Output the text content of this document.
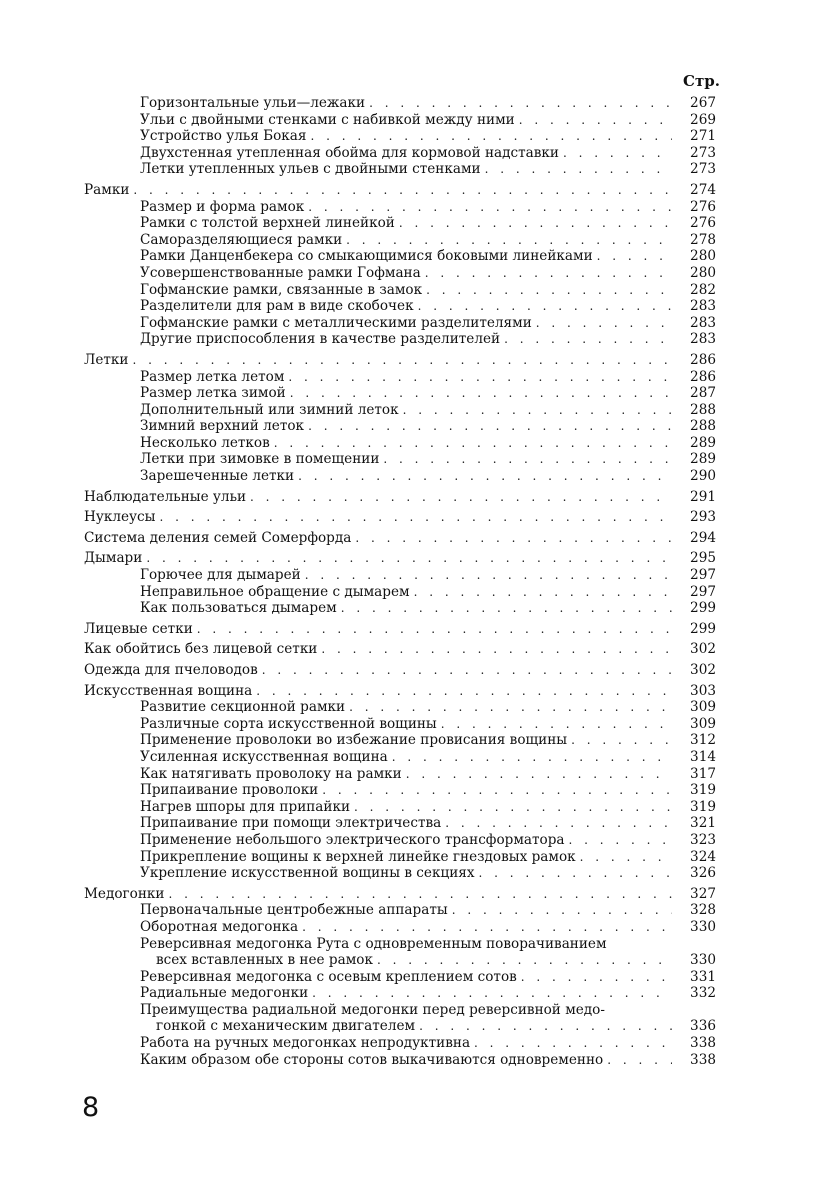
Стр.
Горизонтальные ульи—лежаки . . .	267
Ульи с двойными стенками с набивкой между ними . . .	269
Устройство улья Бокая . . .	271
Двухстенная утепленная обойма для кормовой надставки . . .	273
Летки утепленных ульев с двойными стенками . . .	273
Рамки . . .	274
Размер и форма рамок . . .	276
Рамки с толстой верхней линейкой . . .	276
Саморазделяющиеся рамки . . .	278
Рамки Данценбекера со смыкающимися боковыми линейками . . .	280
Усовершенствованные рамки Гофмана . . .	280
Гофманские рамки, связанные в замок . . .	282
Разделители для рам в виде скобочек . . .	283
Гофманские рамки с металлическими разделителями . . .	283
Другие приспособления в качестве разделителей . . .	283
Летки . . .	286
Размер летка летом . . .	286
Размер летка зимой . . .	287
Дополнительный или зимний леток . . .	288
Зимний верхний леток . . .	288
Несколько летков . . .	289
Летки при зимовке в помещении . . .	289
Зарешеченные летки . . .	290
Наблюдательные ульи . . .	291
Нуклеусы . . .	293
Система деления семей Сомерфорда . . .	294
Дымари . . .	295
Горючее для дымарей . . .	297
Неправильное обращение с дымарем . . .	297
Как пользоваться дымарем . . .	299
Лицевые сетки . . .	299
Как обойтись без лицевой сетки . . .	302
Одежда для пчеловодов . . .	302
Искусственная вощина . . .	303
Развитие секционной рамки . . .	309
Различные сорта искусственной вощины . . .	309
Применение проволоки во избежание провисания вощины . . .	312
Усиленная искусственная вощина . . .	314
Как натягивать проволоку на рамки . . .	317
Припаивание проволоки . . .	319
Нагрев шпоры для припайки . . .	319
Припаивание при помощи электричества . . .	321
Применение небольшого электрического трансформатора . . .	323
Прикрепление вощины к верхней линейке гнездовых рамок . . .	324
Укрепление искусственной вощины в секциях . . .	326
Медогонки . . .	327
Первоначальные центробежные аппараты . . .	328
Оборотная медогонка . . .	330
Реверсивная медогонка Рута с одновременным поворачиванием
всех вставленных в нее рамок . . .	330
Реверсивная медогонка с осевым креплением сотов . . .	331
Радиальные медогонки . . .	332
Преимущества радиальной медогонки перед реверсивной медо-
гонкой с механическим двигателем . . .	336
Работа на ручных медогонках непродуктивна . . .	338
Каким образом обе стороны сотов выкачиваются одновременно . . .	338
8
